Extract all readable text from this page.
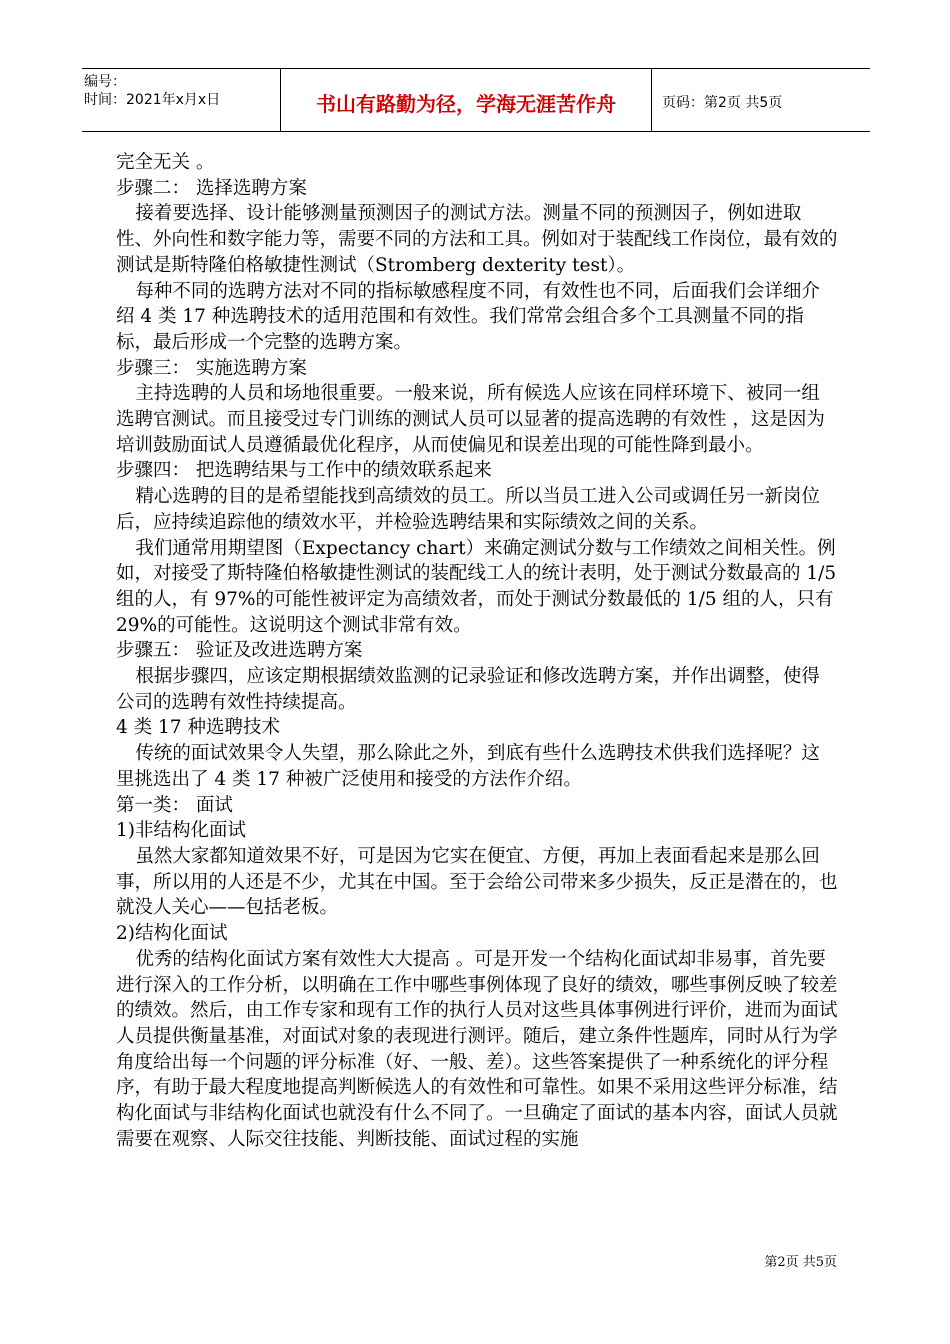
编号：
时间：2021年x月x日	书山有路勤为径，学海无涯苦作舟	页码：第2页 共5页

完全无关 。

步骤二： 选择选聘方案

接着要选择、设计能够测量预测因子的测试方法。测量不同的预测因子，例如进取性、外向性和数字能力等，需要不同的方法和工具。例如对于装配线工作岗位，最有效的测试是斯特隆伯格敏捷性测试（Stromberg dexterity test）。

每种不同的选聘方法对不同的指标敏感程度不同，有效性也不同，后面我们会详细介绍 4 类 17 种选聘技术的适用范围和有效性。我们常常会组合多个工具测量不同的指标，最后形成一个完整的选聘方案。

步骤三： 实施选聘方案

主持选聘的人员和场地很重要。一般来说，所有候选人应该在同样环境下、被同一组选聘官测试。而且接受过专门训练的测试人员可以显著的提高选聘的有效性 ，这是因为培训鼓励面试人员遵循最优化程序，从而使偏见和误差出现的可能性降到最小。

步骤四： 把选聘结果与工作中的绩效联系起来

精心选聘的目的是希望能找到高绩效的员工。所以当员工进入公司或调任另一新岗位后，应持续追踪他的绩效水平，并检验选聘结果和实际绩效之间的关系。

我们通常用期望图（Expectancy chart）来确定测试分数与工作绩效之间相关性。例如，对接受了斯特隆伯格敏捷性测试的装配线工人的统计表明，处于测试分数最高的 1/5 组的人，有 97%的可能性被评定为高绩效者，而处于测试分数最低的 1/5 组的人，只有 29%的可能性。这说明这个测试非常有效。

步骤五： 验证及改进选聘方案

根据步骤四，应该定期根据绩效监测的记录验证和修改选聘方案，并作出调整，使得公司的选聘有效性持续提高。

4 类 17 种选聘技术

传统的面试效果令人失望，那么除此之外，到底有些什么选聘技术供我们选择呢？这里挑选出了 4 类 17 种被广泛使用和接受的方法作介绍。

第一类： 面试

1)非结构化面试

虽然大家都知道效果不好，可是因为它实在便宜、方便，再加上表面看起来是那么回事，所以用的人还是不少，尤其在中国。至于会给公司带来多少损失，反正是潜在的，也就没人关心——包括老板。

2)结构化面试

优秀的结构化面试方案有效性大大提高 。可是开发一个结构化面试却非易事，首先要进行深入的工作分析，以明确在工作中哪些事例体现了良好的绩效，哪些事例反映了较差的绩效。然后，由工作专家和现有工作的执行人员对这些具体事例进行评价，进而为面试人员提供衡量基准，对面试对象的表现进行测评。随后，建立条件性题库，同时从行为学角度给出每一个问题的评分标准（好、一般、差）。这些答案提供了一种系统化的评分程序，有助于最大程度地提高判断候选人的有效性和可靠性。如果不采用这些评分标准，结构化面试与非结构化面试也就没有什么不同了。一旦确定了面试的基本内容，面试人员就需要在观察、人际交往技能、判断技能、面试过程的实施

第2页 共5页
